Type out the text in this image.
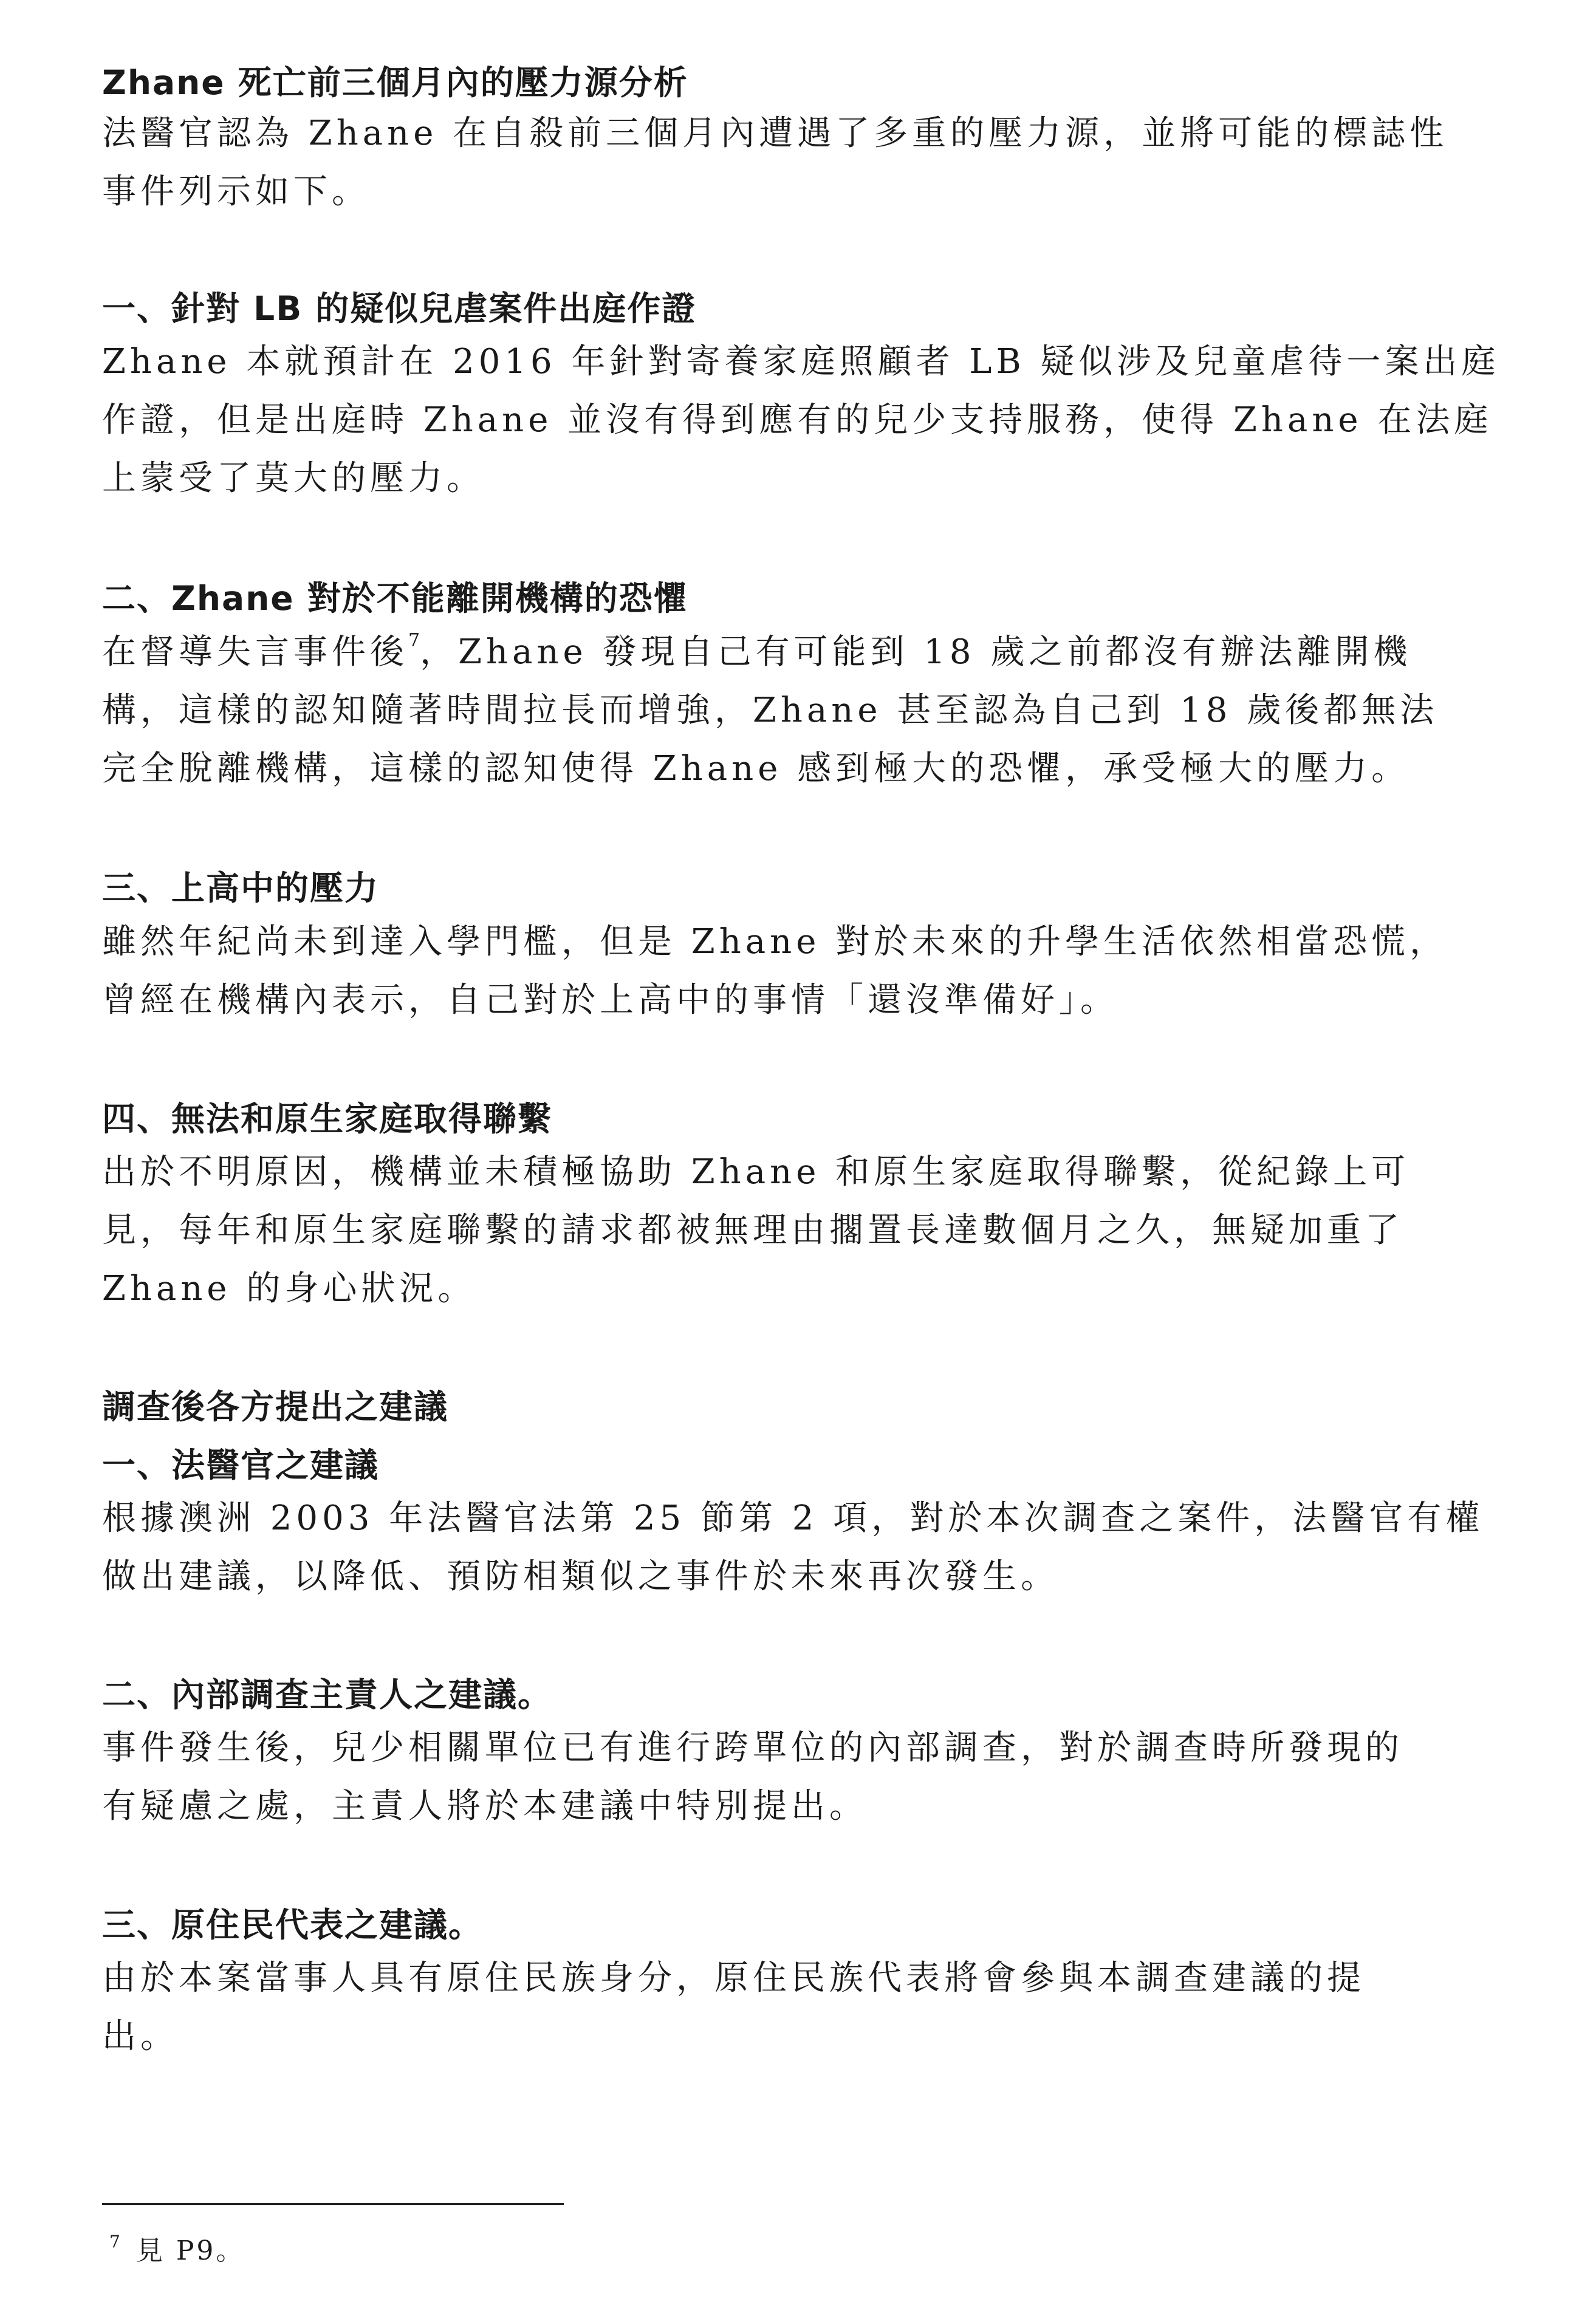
Zhane 死亡前三個月內的壓力源分析
法醫官認為 Zhane 在自殺前三個月內遭遇了多重的壓力源，並將可能的標誌性
事件列示如下。
一、針對 LB 的疑似兒虐案件出庭作證
Zhane 本就預計在 2016 年針對寄養家庭照顧者 LB 疑似涉及兒童虐待一案出庭
作證，但是出庭時 Zhane 並沒有得到應有的兒少支持服務，使得 Zhane 在法庭
上蒙受了莫大的壓力。
二、Zhane 對於不能離開機構的恐懼
在督導失言事件後$^7$，Zhane 發現自己有可能到 18 歲之前都沒有辦法離開機
構，這樣的認知隨著時間拉長而增強，Zhane 甚至認為自己到 18 歲後都無法
完全脫離機構，這樣的認知使得 Zhane 感到極大的恐懼，承受極大的壓力。
三、上高中的壓力
雖然年紀尚未到達入學門檻，但是 Zhane 對於未來的升學生活依然相當恐慌，
曾經在機構內表示，自己對於上高中的事情「還沒準備好」。
四、無法和原生家庭取得聯繫
出於不明原因，機構並未積極協助 Zhane 和原生家庭取得聯繫，從紀錄上可
見，每年和原生家庭聯繫的請求都被無理由擱置長達數個月之久，無疑加重了
Zhane 的身心狀況。
調查後各方提出之建議
一、法醫官之建議
根據澳洲 2003 年法醫官法第 25 節第 2 項，對於本次調查之案件，法醫官有權
做出建議，以降低、預防相類似之事件於未來再次發生。
二、內部調查主責人之建議。
事件發生後，兒少相關單位已有進行跨單位的內部調查，對於調查時所發現的
有疑慮之處，主責人將於本建議中特別提出。
三、原住民代表之建議。
由於本案當事人具有原住民族身分，原住民族代表將會參與本調查建議的提
出。
$^7$ 見 P9。
